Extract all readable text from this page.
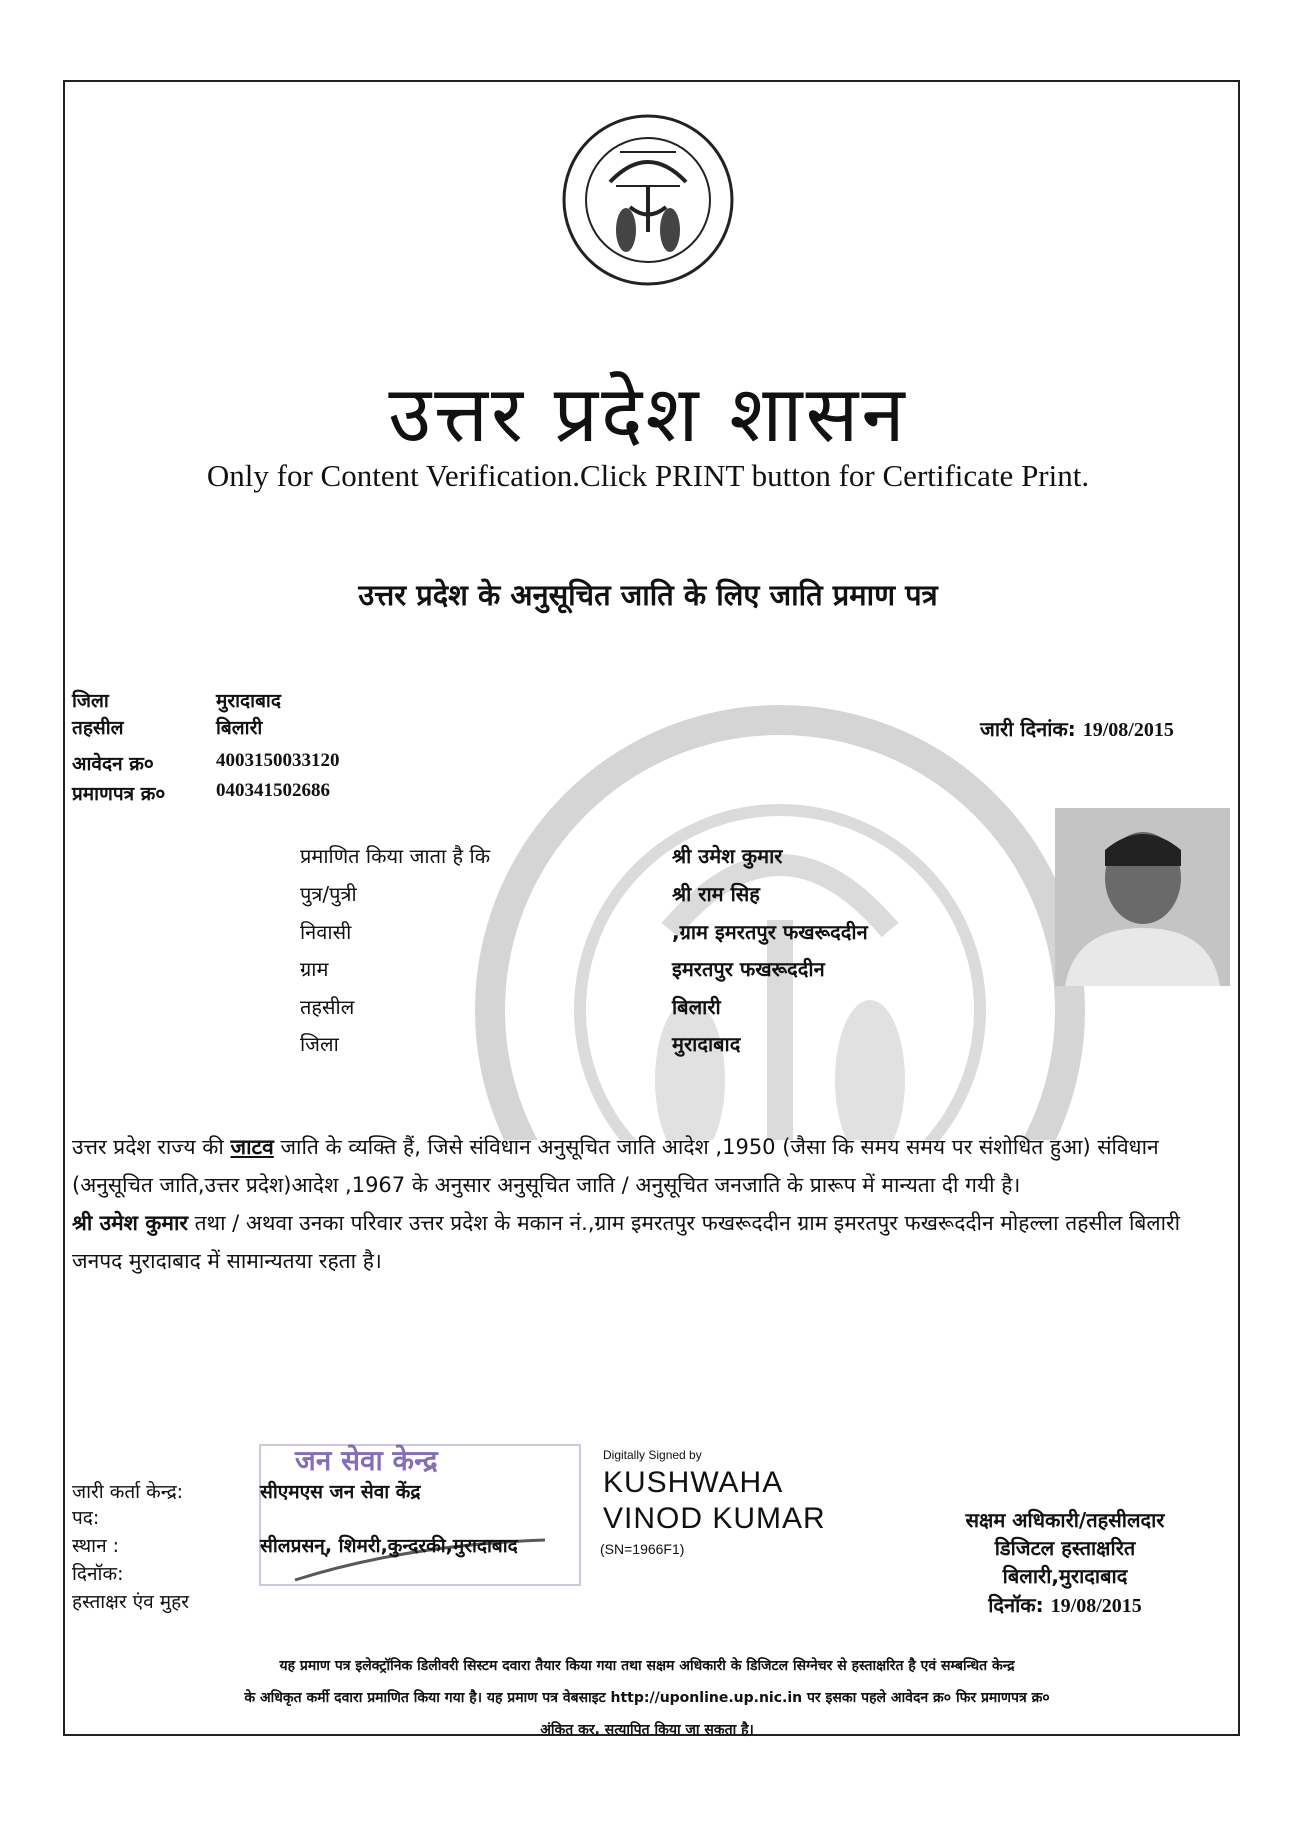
उत्तर प्रदेश शासन
Only for Content Verification.Click PRINT button for Certificate Print.
उत्तर प्रदेश के अनुसूचित जाति के लिए जाति प्रमाण पत्र
जिला	मुरादाबाद
तहसील	बिलारी
आवेदन क्र०	4003150033120
प्रमाणपत्र क्र०	040341502686
जारी दिनांक: 19/08/2015
प्रमाणित किया जाता है कि	श्री उमेश कुमार
पुत्र/पुत्री	श्री राम सिह
निवासी	,ग्राम इमरतपुर फखरूददीन
ग्राम	इमरतपुर फखरूददीन
तहसील	बिलारी
जिला	मुरादाबाद
उत्तर प्रदेश राज्य की जाटव जाति के व्यक्ति हैं, जिसे संविधान अनुसूचित जाति आदेश ,1950 (जैसा कि समय समय पर संशोधित हुआ) संविधान (अनुसूचित जाति,उत्तर प्रदेश)आदेश ,1967 के अनुसार अनुसूचित जाति / अनुसूचित जनजाति के प्रारूप में मान्यता दी गयी है।
श्री उमेश कुमार तथा / अथवा उनका परिवार उत्तर प्रदेश के मकान नं.,ग्राम इमरतपुर फखरूददीन ग्राम इमरतपुर फखरूददीन मोहल्ला तहसील बिलारी जनपद मुरादाबाद में सामान्यतया रहता है।
जन सेवा केन्द्र
जारी कर्ता केन्द्र:	सीएमएस जन सेवा केंद्र
पद:
स्थान :	सीलप्रसन्, शिमरी,कुन्दरकी,मुरादाबाद
दिनॉक:
हस्ताक्षर एंव मुहर
Digitally Signed by
KUSHWAHA
VINOD KUMAR
(SN=1966F1)
सक्षम अधिकारी/तहसीलदार
डिजिटल हस्ताक्षरित
बिलारी,मुरादाबाद
दिनॉक: 19/08/2015
यह प्रमाण पत्र इलेक्ट्रॉनिक डिलीवरी सिस्टम दवारा तैयार किया गया तथा सक्षम अधिकारी के डिजिटल सिग्नेचर से हस्ताक्षरित है एवं सम्बन्धित केन्द्र
के अधिकृत कर्मी दवारा प्रमाणित किया गया है। यह प्रमाण पत्र वेबसाइट http://uponline.up.nic.in पर इसका पहले आवेदन क्र० फिर प्रमाणपत्र क्र०
अंकित कर, सत्यापित किया जा सकता है।
